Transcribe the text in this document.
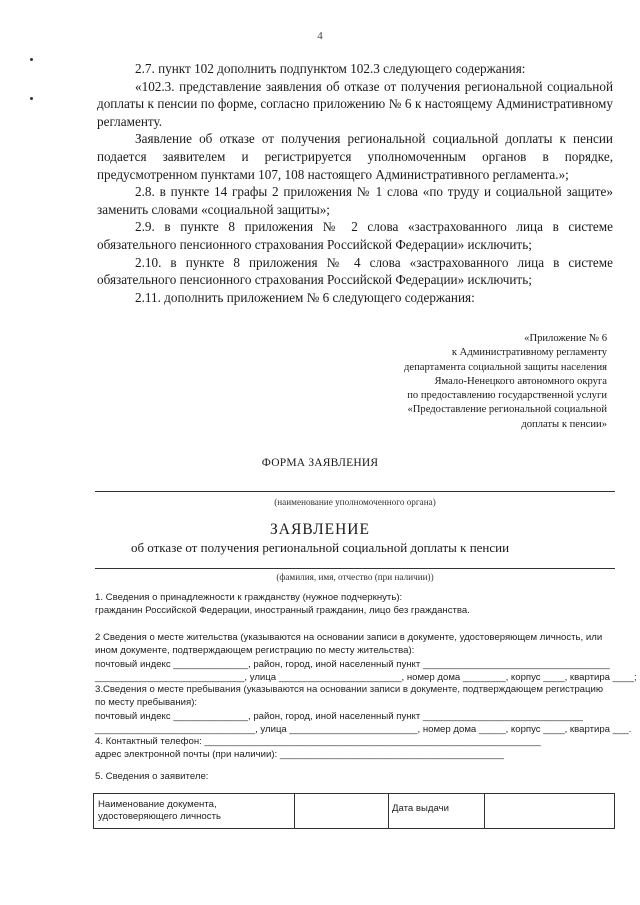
4

2.7. пункт 102 дополнить подпунктом 102.3 следующего содержания:

«102.3. представление заявления об отказе от получения региональной социальной доплаты к пенсии по форме, согласно приложению № 6 к настоящему Административному регламенту.

Заявление об отказе от получения региональной социальной доплаты к пенсии подается заявителем и регистрируется уполномоченным органов в порядке, предусмотренном пунктами 107, 108 настоящего Административного регламента.»;

2.8. в пункте 14 графы 2 приложения № 1 слова «по труду и социальной защите» заменить словами «социальной защиты»;

2.9. в пункте 8 приложения № 2 слова «застрахованного лица в системе обязательного пенсионного страхования Российской Федерации» исключить;

2.10. в пункте 8 приложения № 4 слова «застрахованного лица в системе обязательного пенсионного страхования Российской Федерации» исключить;

2.11. дополнить приложением № 6 следующего содержания:

«Приложение № 6
к Административному регламенту
департамента социальной защиты населения
Ямало-Ненецкого автономного округа
по предоставлению государственной услуги
«Предоставление региональной социальной
доплаты к пенсии»
ФОРМА ЗАЯВЛЕНИЯ
(наименование уполномоченного органа)
ЗАЯВЛЕНИЕ
об отказе от получения региональной социальной доплаты к пенсии
(фамилия, имя, отчество (при наличии))
1. Сведения о принадлежности к гражданству (нужное подчеркнуть):
гражданин Российской Федерации, иностранный гражданин, лицо без гражданства.
2 Сведения о месте жительства (указываются на основании записи в документе, удостоверяющем личность, или
ином документе, подтверждающем регистрацию по месту жительства):
почтовый индекс ______________, район, город, иной населенный пункт ___________________________________
____________________________, улица _______________________, номер дома ________, корпус ____, квартира ____;
3.Сведения о месте пребывания (указываются на основании записи в документе, подтверждающем регистрацию
по месту пребывания):
почтовый индекс ______________, район, город, иной населенный пункт ______________________________
______________________________, улица ________________________, номер дома _____, корпус ____, квартира ___.
4. Контактный телефон: _______________________________________________________________
адрес электронной почты (при наличии): __________________________________________
5. Сведения о заявителе:
Наименование документа, удостоверяющего личность
Дата выдачи
